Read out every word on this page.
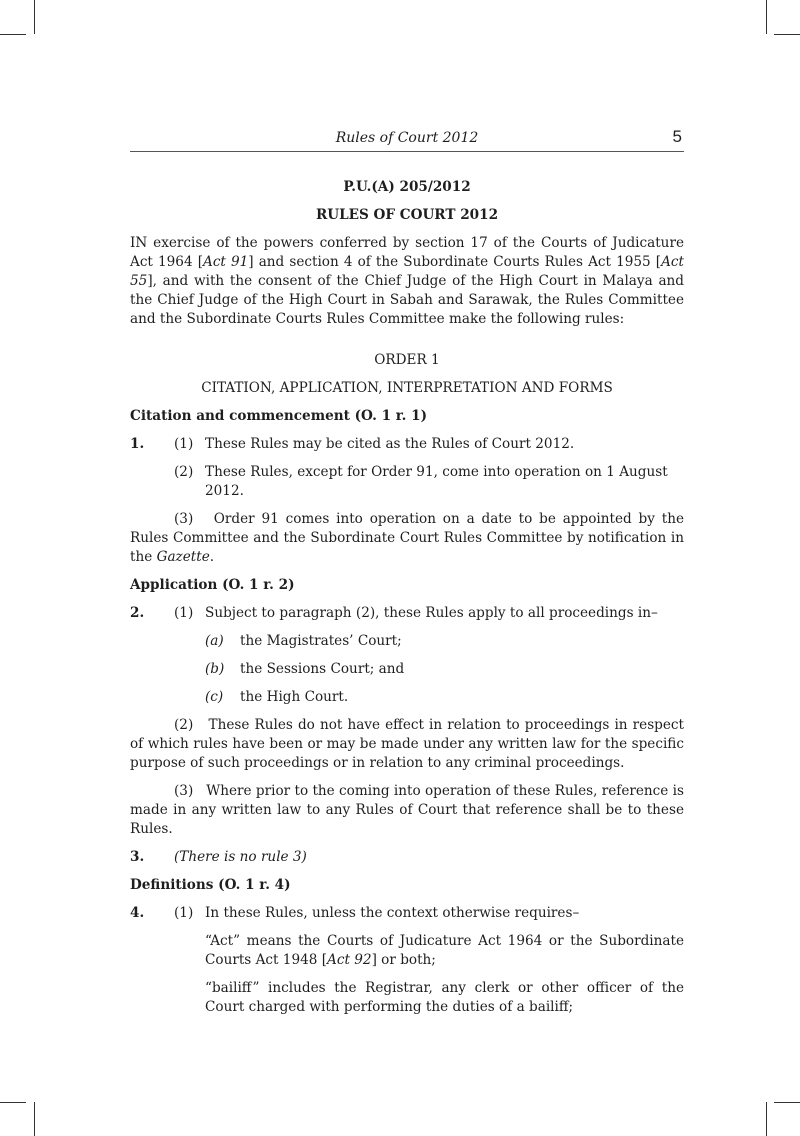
Rules of Court 2012	5

P.U.(A) 205/2012

RULES OF COURT 2012

IN exercise of the powers conferred by section 17 of the Courts of Judicature Act 1964 [Act 91] and section 4 of the Subordinate Courts Rules Act 1955 [Act 55], and with the consent of the Chief Judge of the High Court in Malaya and the Chief Judge of the High Court in Sabah and Sarawak, the Rules Committee and the Subordinate Courts Rules Committee make the following rules:

ORDER 1

CITATION, APPLICATION, INTERPRETATION AND FORMS

Citation and commencement (O. 1 r. 1)

1. (1) These Rules may be cited as the Rules of Court 2012.
(2) These Rules, except for Order 91, come into operation on 1 August 2012.

(3) Order 91 comes into operation on a date to be appointed by the Rules Committee and the Subordinate Court Rules Committee by notification in the Gazette.

Application (O. 1 r. 2)

2. (1) Subject to paragraph (2), these Rules apply to all proceedings in–
(a) the Magistrates’ Court;
(b) the Sessions Court; and
(c) the High Court.

(2) These Rules do not have effect in relation to proceedings in respect of which rules have been or may be made under any written law for the specific purpose of such proceedings or in relation to any criminal proceedings.

(3) Where prior to the coming into operation of these Rules, reference is made in any written law to any Rules of Court that reference shall be to these Rules.

3. (There is no rule 3)

Definitions (O. 1 r. 4)

4. (1) In these Rules, unless the context otherwise requires–

“Act” means the Courts of Judicature Act 1964 or the Subordinate Courts Act 1948 [Act 92] or both;

“bailiff” includes the Registrar, any clerk or other officer of the Court charged with performing the duties of a bailiff;
